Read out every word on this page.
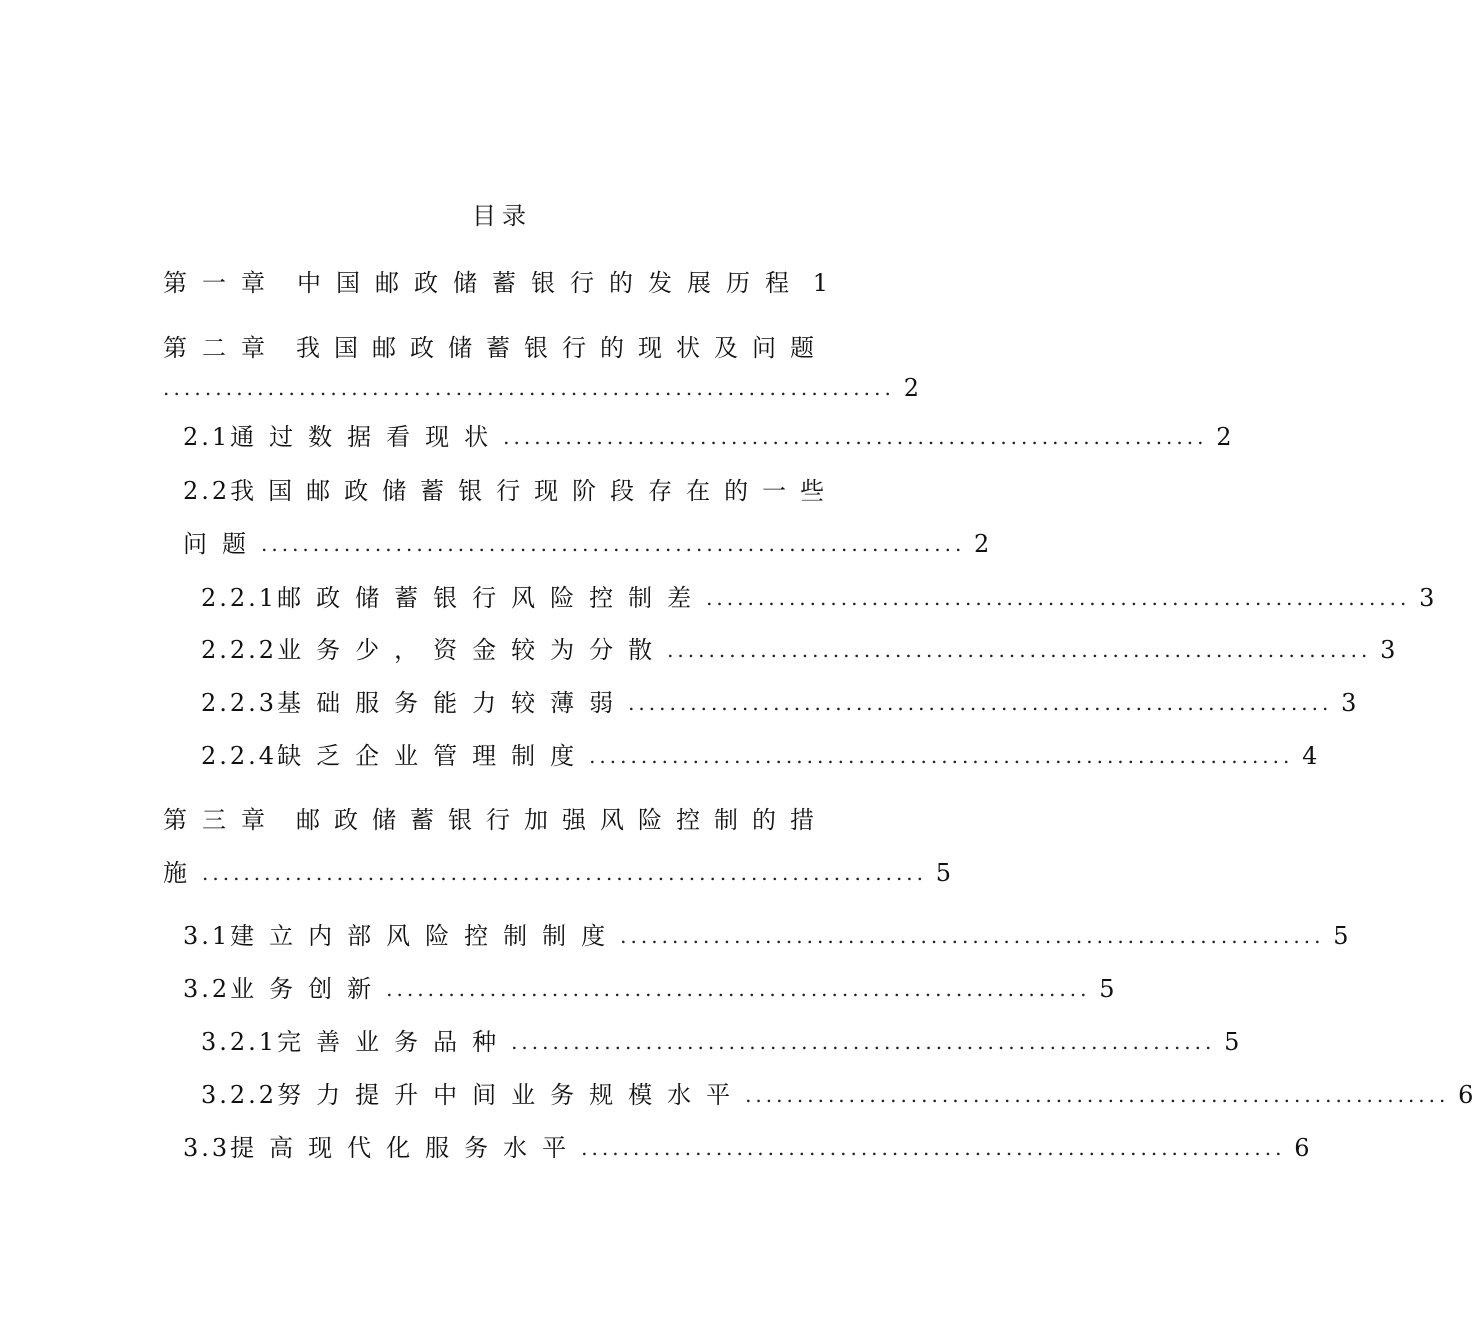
目录
第一章 中国邮政储蓄银行的发展历程 1
第二章 我国邮政储蓄银行的现状及问题
...................................................................... 2
2.1 通过数据看现状 .................................................................... 2
2.2 我国邮政储蓄银行现阶段存在的一些
问题 .................................................................... 2
2.2.1 邮政储蓄银行风险控制差 .................................................................... 3
2.2.2 业务少，资金较为分散 .................................................................... 3
2.2.3 基础服务能力较薄弱 .................................................................... 3
2.2.4 缺乏企业管理制度 .................................................................... 4
第三章 邮政储蓄银行加强风险控制的措
施 ...................................................................... 5
3.1 建立内部风险控制制度 .................................................................... 5
3.2 业务创新 .................................................................... 5
3.2.1 完善业务品种 .................................................................... 5
3.2.2 努力提升中间业务规模水平 .................................................................... 6
3.3 提高现代化服务水平 .................................................................... 6
